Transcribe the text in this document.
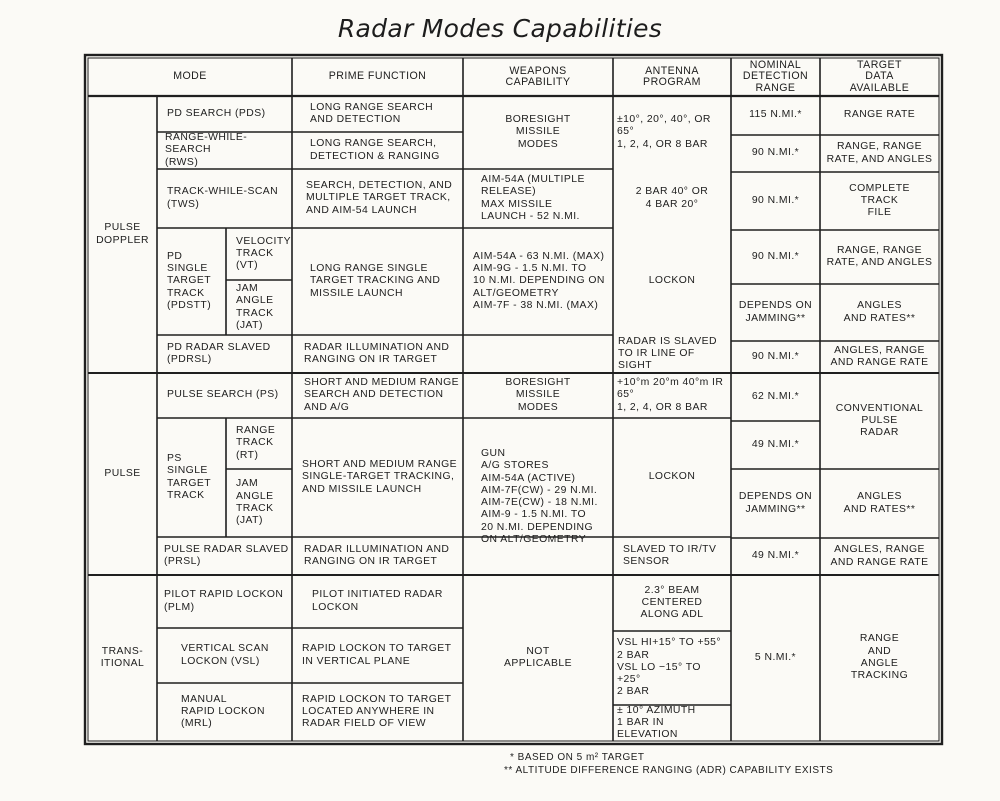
Radar Modes Capabilities
MODE	PRIME FUNCTION	WEAPONS
CAPABILITY
ANTENNA
PROGRAM
NOMINAL
DETECTION
RANGE
TARGET
DATA
AVAILABLE
PULSE
DOPPLER
PULSE
TRANS-
ITIONAL
PD SEARCH (PDS)
RANGE-WHILE-SEARCH
(RWS)
TRACK-WHILE-SCAN
(TWS)
PD
SINGLE
TARGET
TRACK
(PDSTT)
VELOCITY
TRACK
(VT)
JAM
ANGLE
TRACK
(JAT)
PD RADAR SLAVED
(PDRSL)
PULSE SEARCH (PS)
PS
SINGLE
TARGET
TRACK
RANGE
TRACK
(RT)
JAM
ANGLE
TRACK
(JAT)
PULSE RADAR SLAVED
(PRSL)
PILOT RAPID LOCKON
(PLM)
VERTICAL SCAN
LOCKON (VSL)
MANUAL
RAPID LOCKON
(MRL)
LONG RANGE SEARCH
AND DETECTION
LONG RANGE SEARCH,
DETECTION & RANGING
SEARCH, DETECTION, AND
MULTIPLE TARGET TRACK,
AND AIM-54 LAUNCH
LONG RANGE SINGLE
TARGET TRACKING AND
MISSILE LAUNCH
RADAR ILLUMINATION AND
RANGING ON IR TARGET
SHORT AND MEDIUM RANGE
SEARCH AND DETECTION
AND A/G
SHORT AND MEDIUM RANGE
SINGLE-TARGET TRACKING,
AND MISSILE LAUNCH
RADAR ILLUMINATION AND
RANGING ON IR TARGET
PILOT INITIATED RADAR
LOCKON
RAPID LOCKON TO TARGET
IN VERTICAL PLANE
RAPID LOCKON TO TARGET
LOCATED ANYWHERE IN
RADAR FIELD OF VIEW
BORESIGHT
MISSILE
MODES
AIM-54A (MULTIPLE
RELEASE)
MAX MISSILE
LAUNCH - 52 N.MI.
AIM-54A - 63 N.MI. (MAX)
AIM-9G - 1.5 N.MI. TO
10 N.MI. DEPENDING ON
ALT/GEOMETRY
AIM-7F - 38 N.MI. (MAX)
BORESIGHT
MISSILE
MODES
GUN
A/G STORES
AIM-54A (ACTIVE)
AIM-7F(CW) - 29 N.MI.
AIM-7E(CW) - 18 N.MI.
AIM-9 - 1.5 N.MI. TO
20 N.MI. DEPENDING
ON ALT/GEOMETRY
NOT
APPLICABLE
±10°, 20°, 40°, OR
65°
1, 2, 4, OR 8 BAR
2 BAR 40° OR
4 BAR 20°
LOCKON
RADAR IS SLAVED
TO IR LINE OF SIGHT
+10°m 20°m 40°m IR
65°
1, 2, 4, OR 8 BAR
LOCKON
SLAVED TO IR/TV
SENSOR
2.3° BEAM
CENTERED
ALONG ADL
VSL HI+15° TO +55°
2 BAR
VSL LO −15° TO
+25°
2 BAR
± 10° AZIMUTH
1 BAR IN ELEVATION
115 N.MI.*
90 N.MI.*
90 N.MI.*
90 N.MI.*
DEPENDS ON
JAMMING**
90 N.MI.*
62 N.MI.*
49 N.MI.*
DEPENDS ON
JAMMING**
49 N.MI.*
5 N.MI.*
RANGE RATE
RANGE, RANGE
RATE, AND ANGLES
COMPLETE
TRACK
FILE
RANGE, RANGE
RATE, AND ANGLES
ANGLES
AND RATES**
ANGLES, RANGE
AND RANGE RATE
CONVENTIONAL
PULSE
RADAR
ANGLES
AND RATES**
ANGLES, RANGE
AND RANGE RATE
RANGE
AND
ANGLE
TRACKING
* BASED ON 5 m² TARGET
** ALTITUDE DIFFERENCE RANGING (ADR) CAPABILITY EXISTS
